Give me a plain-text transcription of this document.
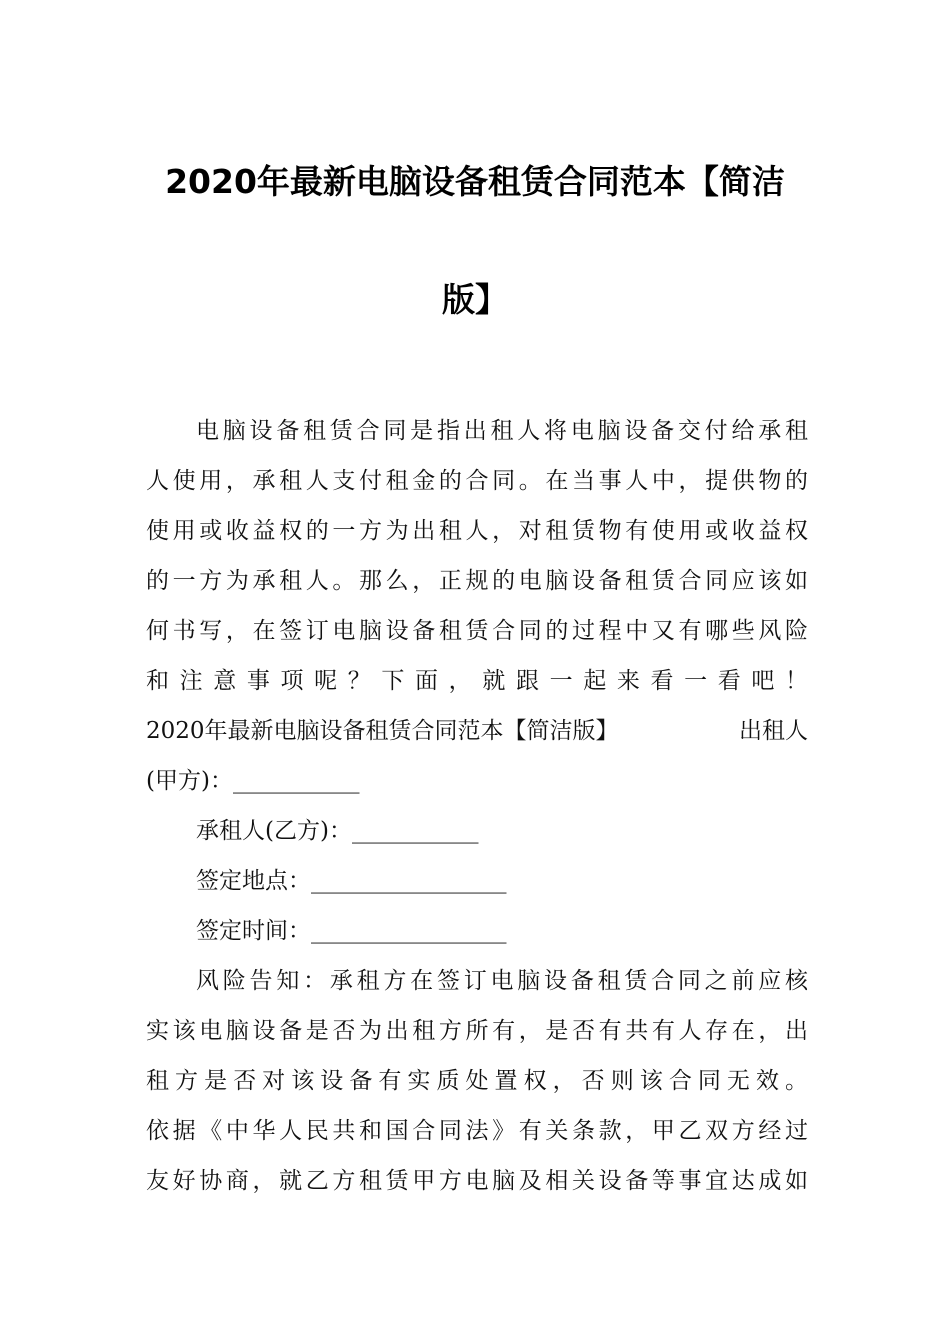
2020年最新电脑设备租赁合同范本【简洁
版】
电脑设备租赁合同是指出租人将电脑设备交付给承租
人使用，承租人支付租金的合同。在当事人中，提供物的
使用或收益权的一方为出租人，对租赁物有使用或收益权
的一方为承租人。那么，正规的电脑设备租赁合同应该如
何书写，在签订电脑设备租赁合同的过程中又有哪些风险
和注意事项呢？下面，就跟一起来看一看吧！
2020年最新电脑设备租赁合同范本【简洁版】	出租人
(甲方)：___________
承租人(乙方)：___________
签定地点：_________________
签定时间：_________________
风险告知：承租方在签订电脑设备租赁合同之前应核
实该电脑设备是否为出租方所有，是否有共有人存在，出
租方是否对该设备有实质处置权，否则该合同无效。
依据《中华人民共和国合同法》有关条款，甲乙双方经过
友好协商，就乙方租赁甲方电脑及相关设备等事宜达成如
